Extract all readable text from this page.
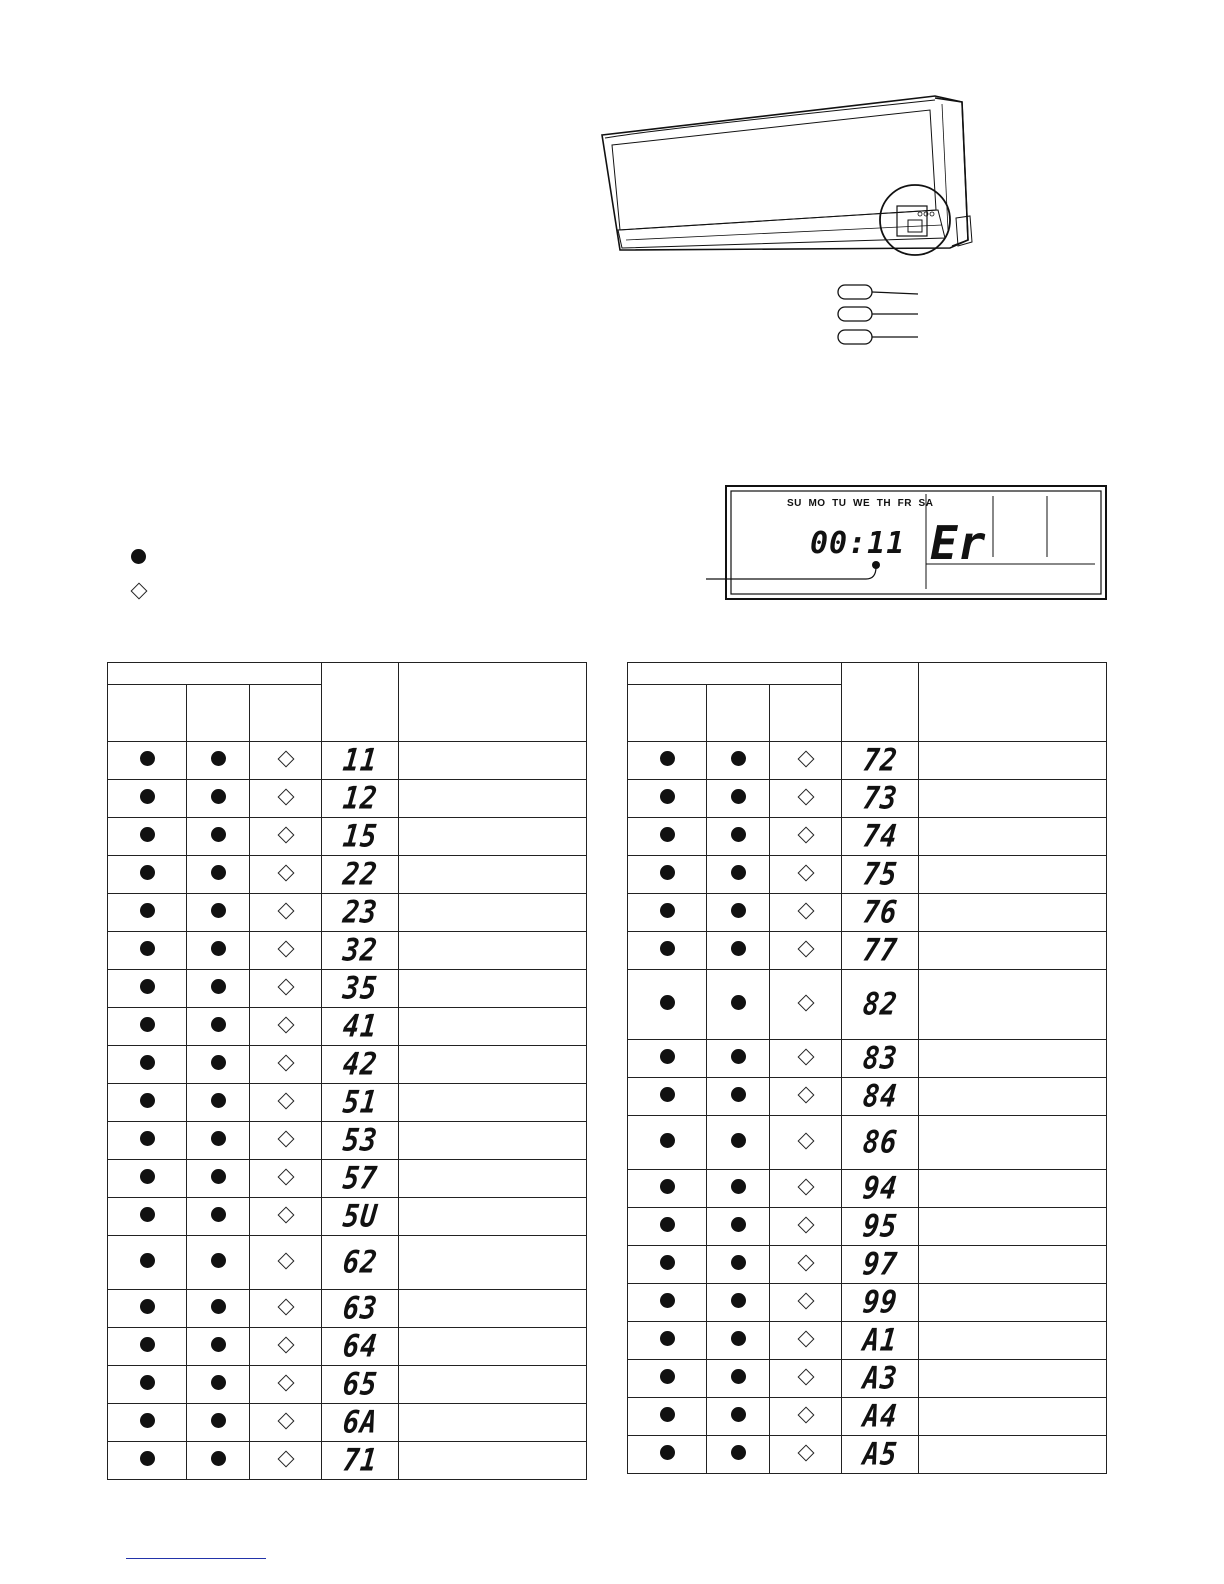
SU MO TU WE TH FR SA
00:11 Er

			11	
			12	
			15	
			22	
			23	
			32	
			35	
			41	
			42	
			51	
			53	
			57	
			5U	
			62	
			63	
			64	
			65	
			6A	
			71	

			72	
			73	
			74	
			75	
			76	
			77	
			82	
			83	
			84	
			86	
			94	
			95	
			97	
			99	
			A1	
			A3	
			A4	
			A5	
